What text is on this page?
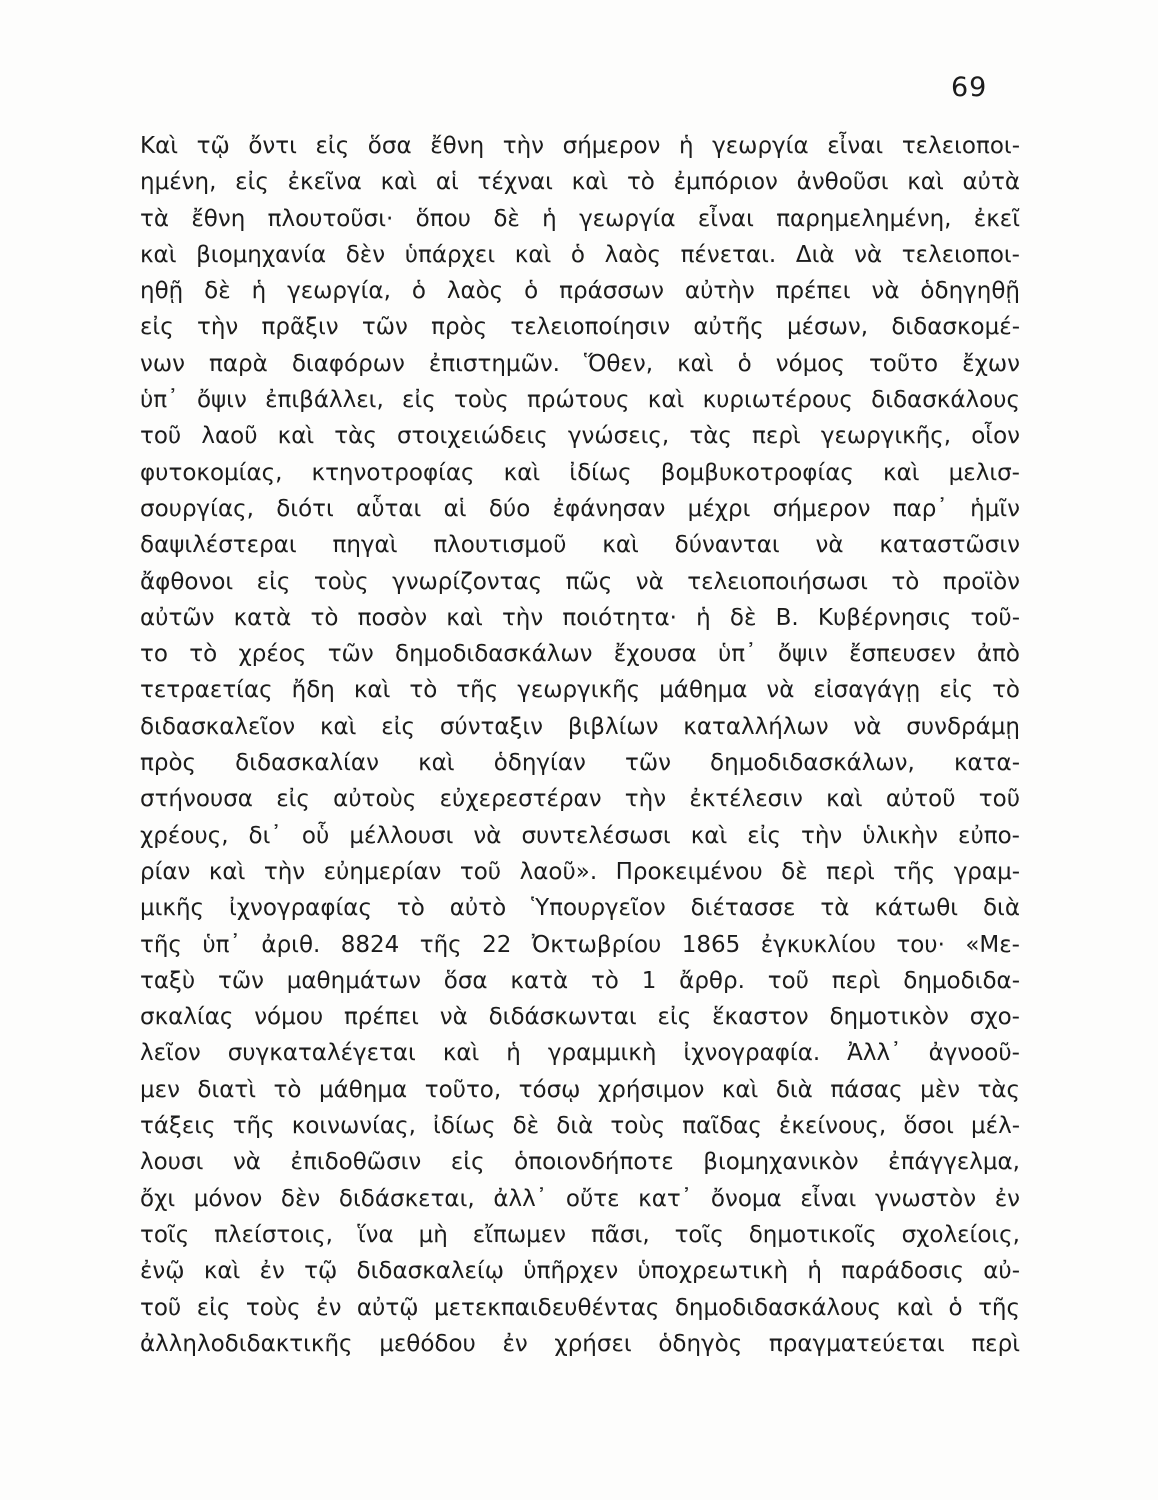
69
Καὶ τῷ ὄντι εἰς ὅσα ἔθνη τὴν σήμερον ἡ γεωργία εἶναι τελειοποι-
ημένη, εἰς ἐκεῖνα καὶ αἱ τέχναι καὶ τὸ ἐμπόριον ἀνθοῦσι καὶ αὐτὰ
τὰ ἔθνη πλουτοῦσι· ὅπου δὲ ἡ γεωργία εἶναι παρημελημένη, ἐκεῖ
καὶ βιομηχανία δὲν ὑπάρχει καὶ ὁ λαὸς πένεται. Διὰ νὰ τελειοποι-
ηθῇ δὲ ἡ γεωργία, ὁ λαὸς ὁ πράσσων αὐτὴν πρέπει νὰ ὁδηγηθῇ
εἰς τὴν πρᾶξιν τῶν πρὸς τελειοποίησιν αὐτῆς μέσων, διδασκομέ-
νων παρὰ διαφόρων ἐπιστημῶν. Ὅθεν, καὶ ὁ νόμος τοῦτο ἔχων
ὑπ᾽ ὄψιν ἐπιβάλλει, εἰς τοὺς πρώτους καὶ κυριωτέρους διδασκάλους
τοῦ λαοῦ καὶ τὰς στοιχειώδεις γνώσεις, τὰς περὶ γεωργικῆς, οἷον
φυτοκομίας, κτηνοτροφίας καὶ ἰδίως βομβυκοτροφίας καὶ μελισ-
σουργίας, διότι αὗται αἱ δύο ἐφάνησαν μέχρι σήμερον παρ᾽ ἡμῖν
δαψιλέστεραι πηγαὶ πλουτισμοῦ καὶ δύνανται νὰ καταστῶσιν
ἄφθονοι εἰς τοὺς γνωρίζοντας πῶς νὰ τελειοποιήσωσι τὸ προϊὸν
αὐτῶν κατὰ τὸ ποσὸν καὶ τὴν ποιότητα· ἡ δὲ Β. Κυβέρνησις τοῦ-
το τὸ χρέος τῶν δημοδιδασκάλων ἔχουσα ὑπ᾽ ὄψιν ἔσπευσεν ἀπὸ
τετραετίας ἤδη καὶ τὸ τῆς γεωργικῆς μάθημα νὰ εἰσαγάγῃ εἰς τὸ
διδασκαλεῖον καὶ εἰς σύνταξιν βιβλίων καταλλήλων νὰ συνδράμῃ
πρὸς διδασκαλίαν καὶ ὁδηγίαν τῶν δημοδιδασκάλων, κατα-
στήνουσα εἰς αὐτοὺς εὐχερεστέραν τὴν ἐκτέλεσιν καὶ αὐτοῦ τοῦ
χρέους, δι᾽ οὗ μέλλουσι νὰ συντελέσωσι καὶ εἰς τὴν ὑλικὴν εὐπο-
ρίαν καὶ τὴν εὐημερίαν τοῦ λαοῦ». Προκειμένου δὲ περὶ τῆς γραμ-
μικῆς ἰχνογραφίας τὸ αὐτὸ Ὑπουργεῖον διέτασσε τὰ κάτωθι διὰ
τῆς ὑπ᾽ ἀριθ. 8824 τῆς 22 Ὀκτωβρίου 1865 ἐγκυκλίου του· «Με-
ταξὺ τῶν μαθημάτων ὅσα κατὰ τὸ 1 ἄρθρ. τοῦ περὶ δημοδιδα-
σκαλίας νόμου πρέπει νὰ διδάσκωνται εἰς ἕκαστον δημοτικὸν σχο-
λεῖον συγκαταλέγεται καὶ ἡ γραμμικὴ ἰχνογραφία. Ἀλλ᾽ ἀγνοοῦ-
μεν διατὶ τὸ μάθημα τοῦτο, τόσῳ χρήσιμον καὶ διὰ πάσας μὲν τὰς
τάξεις τῆς κοινωνίας, ἰδίως δὲ διὰ τοὺς παῖδας ἐκείνους, ὅσοι μέλ-
λουσι νὰ ἐπιδοθῶσιν εἰς ὁποιονδήποτε βιομηχανικὸν ἐπάγγελμα,
ὄχι μόνον δὲν διδάσκεται, ἀλλ᾽ οὔτε κατ᾽ ὄνομα εἶναι γνωστὸν ἐν
τοῖς πλείστοις, ἵνα μὴ εἴπωμεν πᾶσι, τοῖς δημοτικοῖς σχολείοις,
ἐνῷ καὶ ἐν τῷ διδασκαλείῳ ὑπῆρχεν ὑποχρεωτικὴ ἡ παράδοσις αὐ-
τοῦ εἰς τοὺς ἐν αὐτῷ μετεκπαιδευθέντας δημοδιδασκάλους καὶ ὁ τῆς
ἀλληλοδιδακτικῆς μεθόδου ἐν χρήσει ὁδηγὸς πραγματεύεται περὶ
